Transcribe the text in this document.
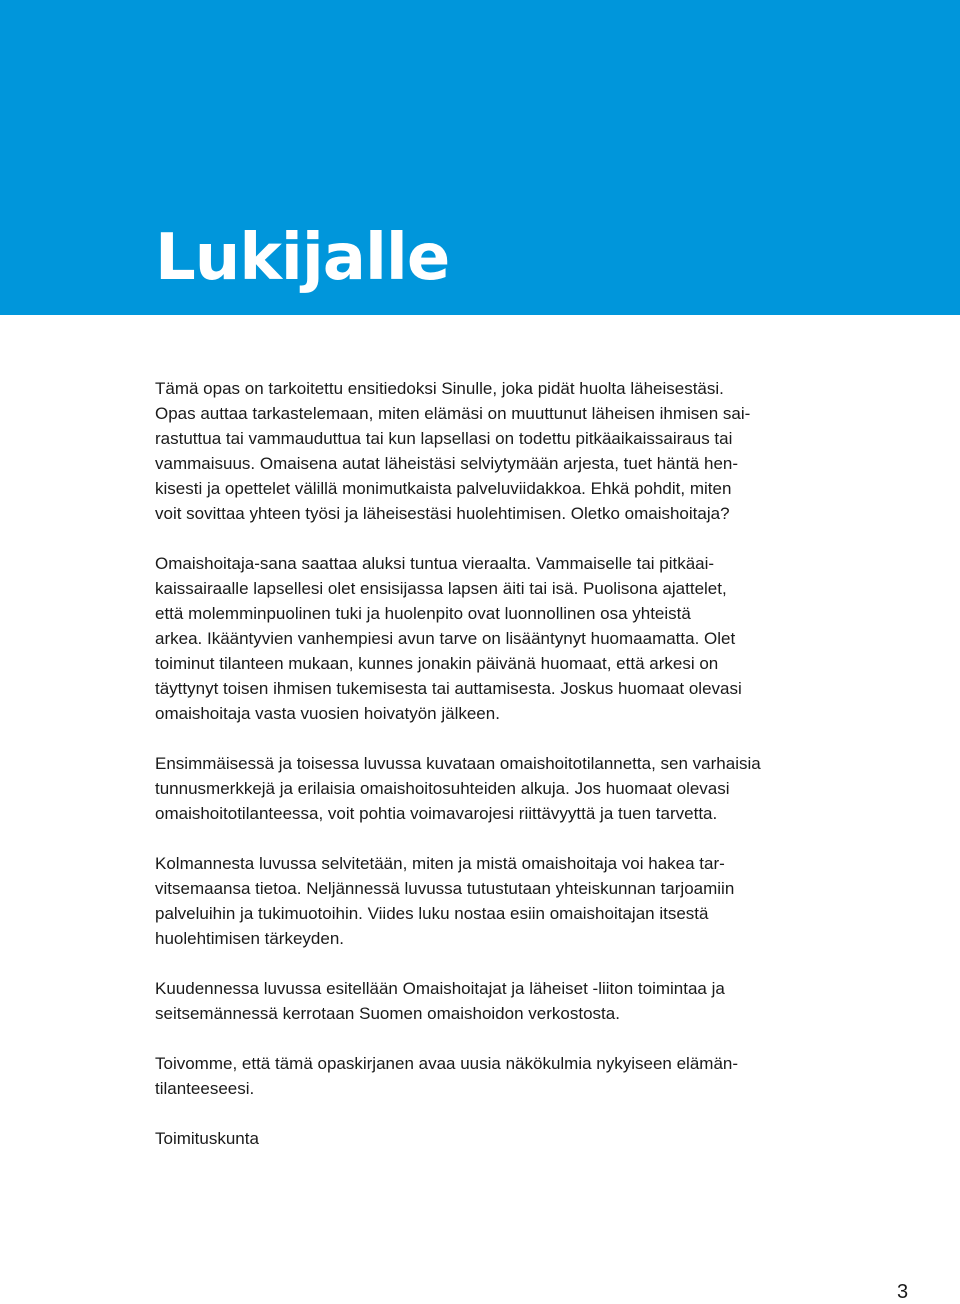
Lukijalle

Tämä opas on tarkoitettu ensitiedoksi Sinulle, joka pidät huolta läheisestäsi.
Opas auttaa tarkastelemaan, miten elämäsi on muuttunut läheisen ihmisen sai-
rastuttua tai vammauduttua tai kun lapsellasi on todettu pitkäaikaissairaus tai
vammaisuus. Omaisena autat läheistäsi selviytymään arjesta, tuet häntä hen-
kisesti ja opettelet välillä monimutkaista palveluviidakkoa. Ehkä pohdit, miten
voit sovittaa yhteen työsi ja läheisestäsi huolehtimisen. Oletko omaishoitaja?

Omaishoitaja-sana saattaa aluksi tuntua vieraalta. Vammaiselle tai pitkäai-
kaissairaalle lapsellesi olet ensisijassa lapsen äiti tai isä. Puolisona ajattelet,
että molemminpuolinen tuki ja huolenpito ovat luonnollinen osa yhteistä
arkea. Ikääntyvien vanhempiesi avun tarve on lisääntynyt huomaamatta. Olet
toiminut tilanteen mukaan, kunnes jonakin päivänä huomaat, että arkesi on
täyttynyt toisen ihmisen tukemisesta tai auttamisesta. Joskus huomaat olevasi
omaishoitaja vasta vuosien hoivatyön jälkeen.

Ensimmäisessä ja toisessa luvussa kuvataan omaishoitotilannetta, sen varhaisia
tunnusmerkkejä ja erilaisia omaishoitosuhteiden alkuja. Jos huomaat olevasi
omaishoitotilanteessa, voit pohtia voimavarojesi riittävyyttä ja tuen tarvetta.

Kolmannesta luvussa selvitetään, miten ja mistä omaishoitaja voi hakea tar-
vitsemaansa tietoa. Neljännessä luvussa tutustutaan yhteiskunnan tarjoamiin
palveluihin ja tukimuotoihin. Viides luku nostaa esiin omaishoitajan itsestä
huolehtimisen tärkeyden.

Kuudennessa luvussa esitellään Omaishoitajat ja läheiset -liiton toimintaa ja
seitsemännessä kerrotaan Suomen omaishoidon verkostosta.

Toivomme, että tämä opaskirjanen avaa uusia näkökulmia nykyiseen elämän-
tilanteeseesi.

Toimituskunta

3
